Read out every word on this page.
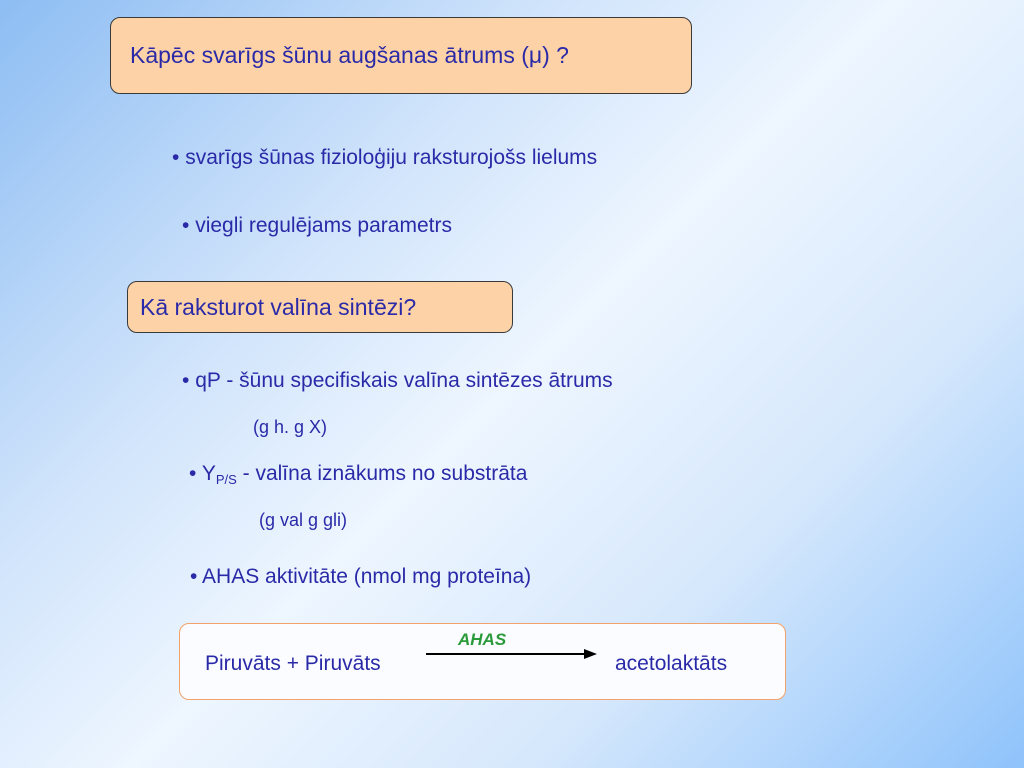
Kāpēc svarīgs šūnu augšanas ātrums (μ) ?
• svarīgs šūnas fizioloģiju raksturojošs lielums
• viegli regulējams parametrs
Kā raksturot valīna sintēzi?
• qP - šūnu specifiskais valīna sintēzes ātrums
(g h. g X)
• $Y_{P/S}$ - valīna iznākums no substrāta
(g val g gli)
• AHAS aktivitāte (nmol mg proteīna)
Piruvāts + Piruvāts
AHAS
acetolaktāts
